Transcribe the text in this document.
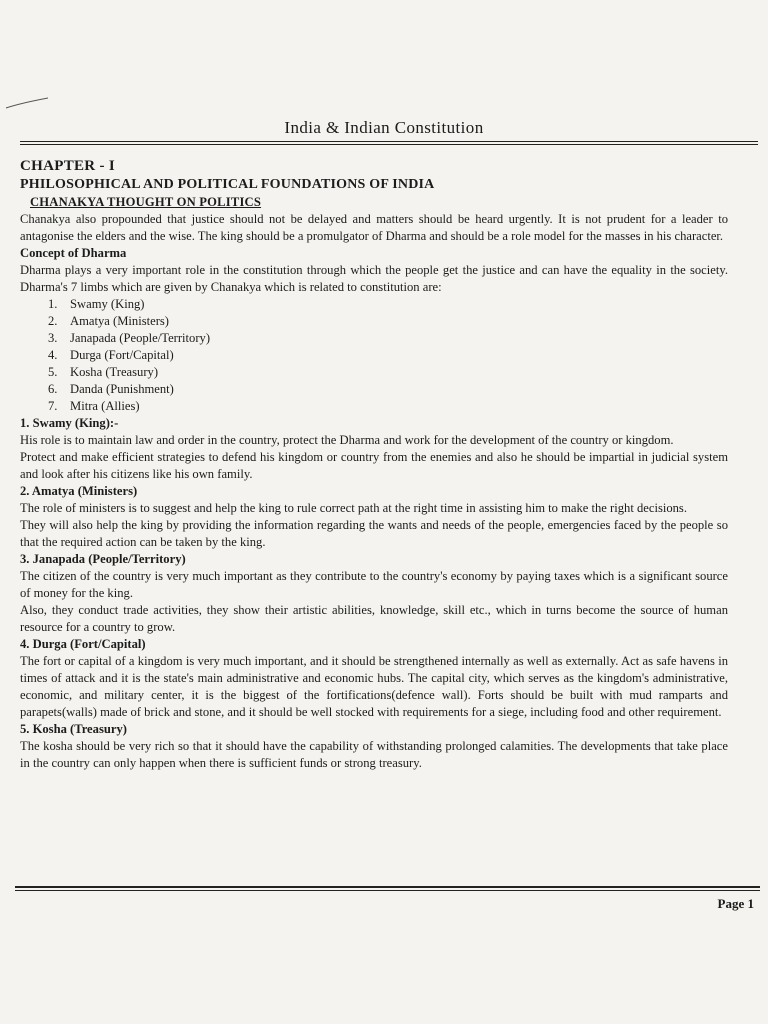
India & Indian Constitution
CHAPTER - I
PHILOSOPHICAL AND POLITICAL FOUNDATIONS OF INDIA
CHANAKYA THOUGHT ON POLITICS

Chanakya also propounded that justice should not be delayed and matters should be heard urgently. It is not prudent for a leader to antagonise the elders and the wise. The king should be a promulgator of Dharma and should be a role model for the masses in his character.

Concept of Dharma

Dharma plays a very important role in the constitution through which the people get the justice and can have the equality in the society. Dharma's 7 limbs which are given by Chanakya which is related to constitution are:

1. Swamy (King)
2. Amatya (Ministers)
3. Janapada (People/Territory)
4. Durga (Fort/Capital)
5. Kosha (Treasury)
6. Danda (Punishment)
7. Mitra (Allies)

1. Swamy (King):-

His role is to maintain law and order in the country, protect the Dharma and work for the development of the country or kingdom.

Protect and make efficient strategies to defend his kingdom or country from the enemies and also he should be impartial in judicial system and look after his citizens like his own family.

2. Amatya (Ministers)

The role of ministers is to suggest and help the king to rule correct path at the right time in assisting him to make the right decisions.

They will also help the king by providing the information regarding the wants and needs of the people, emergencies faced by the people so that the required action can be taken by the king.

3. Janapada (People/Territory)

The citizen of the country is very much important as they contribute to the country's economy by paying taxes which is a significant source of money for the king.

Also, they conduct trade activities, they show their artistic abilities, knowledge, skill etc., which in turns become the source of human resource for a country to grow.

4. Durga (Fort/Capital)

The fort or capital of a kingdom is very much important, and it should be strengthened internally as well as externally. Act as safe havens in times of attack and it is the state's main administrative and economic hubs. The capital city, which serves as the kingdom's administrative, economic, and military center, it is the biggest of the fortifications(defence wall). Forts should be built with mud ramparts and parapets(walls) made of brick and stone, and it should be well stocked with requirements for a siege, including food and other requirement.

5. Kosha (Treasury)

The kosha should be very rich so that it should have the capability of withstanding prolonged calamities. The developments that take place in the country can only happen when there is sufficient funds or strong treasury.

Page 1
